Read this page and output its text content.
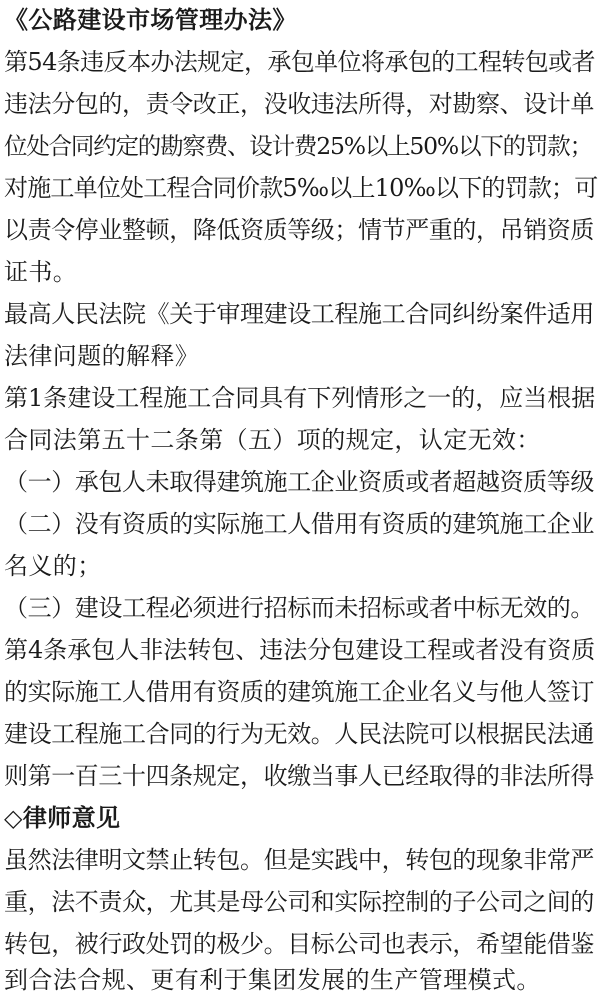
《公路建设市场管理办法》
第54条违反本办法规定，承包单位将承包的工程转包或者
违法分包的，责令改正，没收违法所得，对勘察、设计单
位处合同约定的勘察费、设计费25%以上50%以下的罚款；
对施工单位处工程合同价款5‰以上10‰以下的罚款；可
以责令停业整顿，降低资质等级；情节严重的，吊销资质
证书。
最高人民法院《关于审理建设工程施工合同纠纷案件适用
法律问题的解释》
第1条建设工程施工合同具有下列情形之一的，应当根据
合同法第五十二条第（五）项的规定，认定无效：
（一）承包人未取得建筑施工企业资质或者超越资质等级
（二）没有资质的实际施工人借用有资质的建筑施工企业
名义的；
（三）建设工程必须进行招标而未招标或者中标无效的。
第4条承包人非法转包、违法分包建设工程或者没有资质
的实际施工人借用有资质的建筑施工企业名义与他人签订
建设工程施工合同的行为无效。人民法院可以根据民法通
则第一百三十四条规定，收缴当事人已经取得的非法所得
◇律师意见
虽然法律明文禁止转包。但是实践中，转包的现象非常严
重，法不责众，尤其是母公司和实际控制的子公司之间的
转包，被行政处罚的极少。目标公司也表示，希望能借鉴
到合法合规、更有利于集团发展的生产管理模式。
